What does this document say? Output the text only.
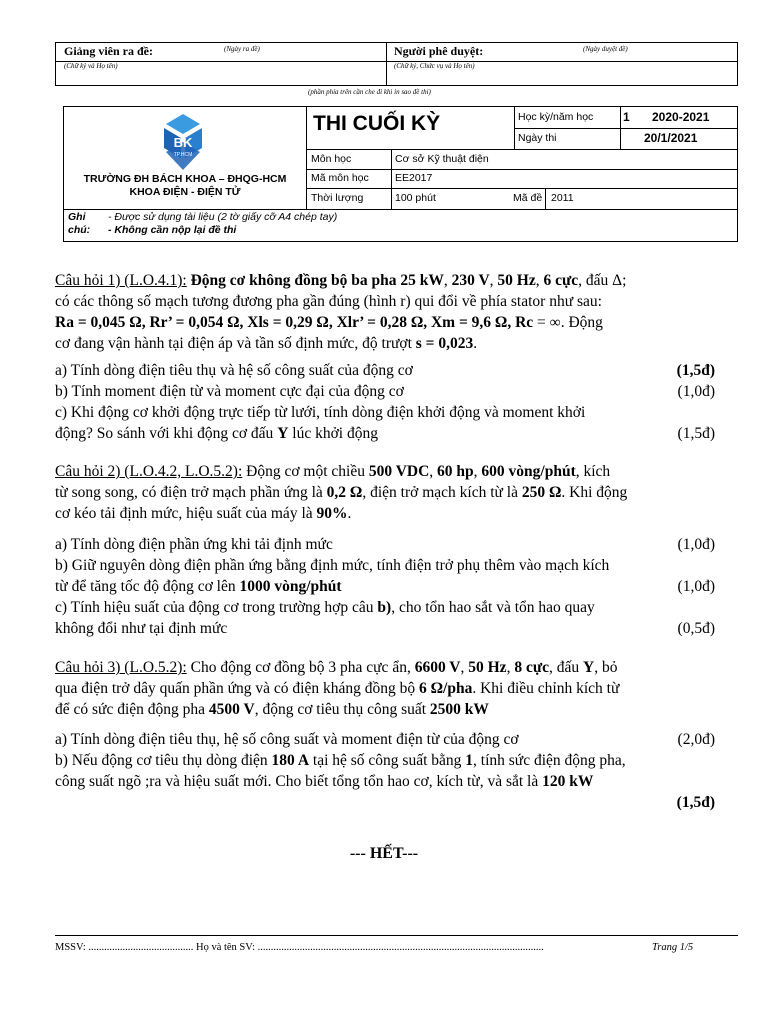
Giảng viên ra đề:	(Ngày ra đề)
(Chữ ký và Họ tên)
Người phê duyệt:	(Ngày duyệt đề)
(Chữ ký, Chức vụ và Họ tên)
(phần phía trên cần che đi khi in sao đề thi)
BK
TP.HCM
TRƯỜNG ĐH BÁCH KHOA – ĐHQG-HCM
KHOA ĐIỆN - ĐIỆN TỬ
THI CUỐI KỲ	Học kỳ/năm học 1 2020-2021
Ngày thi	20/1/2021
Môn học	Cơ sở Kỹ thuật điện
Mã môn học EE2017
Thời lượng	100 phút	Mã đề 2011
Ghi
chú:
- Được sử dụng tài liệu (2 tờ giấy cỡ A4 chép tay)
- Không cần nộp lại đề thi
Câu hỏi 1) (L.O.4.1): Động cơ không đồng bộ ba pha 25 kW, 230 V, 50 Hz, 6 cực, đấu Δ;
có các thông số mạch tương đương pha gần đúng (hình r) qui đổi về phía stator như sau:
Ra = 0,045 Ω, Rr’ = 0,054 Ω, Xls = 0,29 Ω, Xlr’ = 0,28 Ω, Xm = 9,6 Ω, Rc = ∞. Động
cơ đang vận hành tại điện áp và tần số định mức, độ trượt s = 0,023.
a) Tính dòng điện tiêu thụ và hệ số công suất của động cơ	(1,5đ)
b) Tính moment điện từ và moment cực đại của động cơ	(1,0đ)
c) Khi động cơ khởi động trực tiếp từ lưới, tính dòng điện khởi động và moment khởi
động? So sánh với khi động cơ đấu Y lúc khởi động	(1,5đ)
Câu hỏi 2) (L.O.4.2, L.O.5.2): Động cơ một chiều 500 VDC, 60 hp, 600 vòng/phút, kích
từ song song, có điện trở mạch phần ứng là 0,2 Ω, điện trở mạch kích từ là 250 Ω. Khi động
cơ kéo tải định mức, hiệu suất của máy là 90%.
a) Tính dòng điện phần ứng khi tải định mức	(1,0đ)
b) Giữ nguyên dòng điện phần ứng bằng định mức, tính điện trở phụ thêm vào mạch kích
từ để tăng tốc độ động cơ lên 1000 vòng/phút	(1,0đ)
c) Tính hiệu suất của động cơ trong trường hợp câu b), cho tổn hao sắt và tổn hao quay
không đổi như tại định mức	(0,5đ)
Câu hỏi 3) (L.O.5.2): Cho động cơ đồng bộ 3 pha cực ẩn, 6600 V, 50 Hz, 8 cực, đấu Y, bỏ
qua điện trở dây quấn phần ứng và có điện kháng đồng bộ 6 Ω/pha. Khi điều chỉnh kích từ
để có sức điện động pha 4500 V, động cơ tiêu thụ công suất 2500 kW
a) Tính dòng điện tiêu thụ, hệ số công suất và moment điện từ của động cơ	(2,0đ)
b) Nếu động cơ tiêu thụ dòng điện 180 A tại hệ số công suất bằng 1, tính sức điện động pha,
công suất ngõ ;ra và hiệu suất mới. Cho biết tổng tổn hao cơ, kích từ, và sắt là 120 kW
(1,5đ)
--- HẾT---
MSSV: ........................................ Họ và tên SV: .............................................................................................................	Trang 1/5
